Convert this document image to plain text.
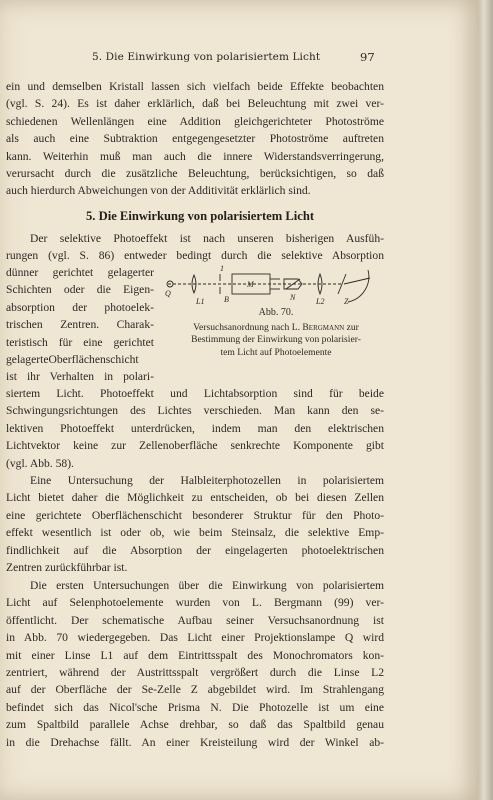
5. Die Einwirkung von polarisiertem Licht	97
ein und demselben Kristall lassen sich vielfach beide Effekte beobachten
(vgl. S. 24). Es ist daher erklärlich, daß bei Beleuchtung mit zwei ver-
schiedenen Wellenlängen eine Addition gleichgerichteter Photoströme
als auch eine Subtraktion entgegengesetzter Photoströme auftreten
kann. Weiterhin muß man auch die innere Widerstandsverringerung,
verursacht durch die zusätzliche Beleuchtung, berücksichtigen, so daß
auch hierdurch Abweichungen von der Additivität erklärlich sind.
5. Die Einwirkung von polarisiertem Licht
Der selektive Photoeffekt ist nach unseren bisherigen Ausfüh-
rungen (vgl. S. 86) entweder bedingt durch die selektive Absorption
dünner gerichtet gelagerter
Schichten oder die Eigen-
absorption der photoelek-
trischen Zentren. Charak-
teristisch für eine gerichtet
gelagerteOberflächenschicht
ist ihr Verhalten in polari-
Q
L1
1
B
M
N	L2 Z
Abb. 70.
Versuchsanordnung nach L. Bergmann zur
Bestimmung der Einwirkung von polarisier-
tem Licht auf Photoelemente
siertem Licht. Photoeffekt und Lichtabsorption sind für beide
Schwingungsrichtungen des Lichtes verschieden. Man kann den se-
lektiven Photoeffekt unterdrücken, indem man den elektrischen
Lichtvektor keine zur Zellenoberfläche senkrechte Komponente gibt
(vgl. Abb. 58).
Eine Untersuchung der Halbleiterphotozellen in polarisiertem
Licht bietet daher die Möglichkeit zu entscheiden, ob bei diesen Zellen
eine gerichtete Oberflächenschicht besonderer Struktur für den Photo-
effekt wesentlich ist oder ob, wie beim Steinsalz, die selektive Emp-
findlichkeit auf die Absorption der eingelagerten photoelektrischen
Zentren zurückführbar ist.
Die ersten Untersuchungen über die Einwirkung von polarisiertem
Licht auf Selenphotoelemente wurden von L. Bergmann (99) ver-
öffentlicht. Der schematische Aufbau seiner Versuchsanordnung ist
in Abb. 70 wiedergegeben. Das Licht einer Projektionslampe Q wird
mit einer Linse L1 auf dem Eintrittsspalt des Monochromators kon-
zentriert, während der Austrittsspalt vergrößert durch die Linse L2
auf der Oberfläche der Se-Zelle Z abgebildet wird. Im Strahlengang
befindet sich das Nicol'sche Prisma N. Die Photozelle ist um eine
zum Spaltbild parallele Achse drehbar, so daß das Spaltbild genau
in die Drehachse fällt. An einer Kreisteilung wird der Winkel ab-
